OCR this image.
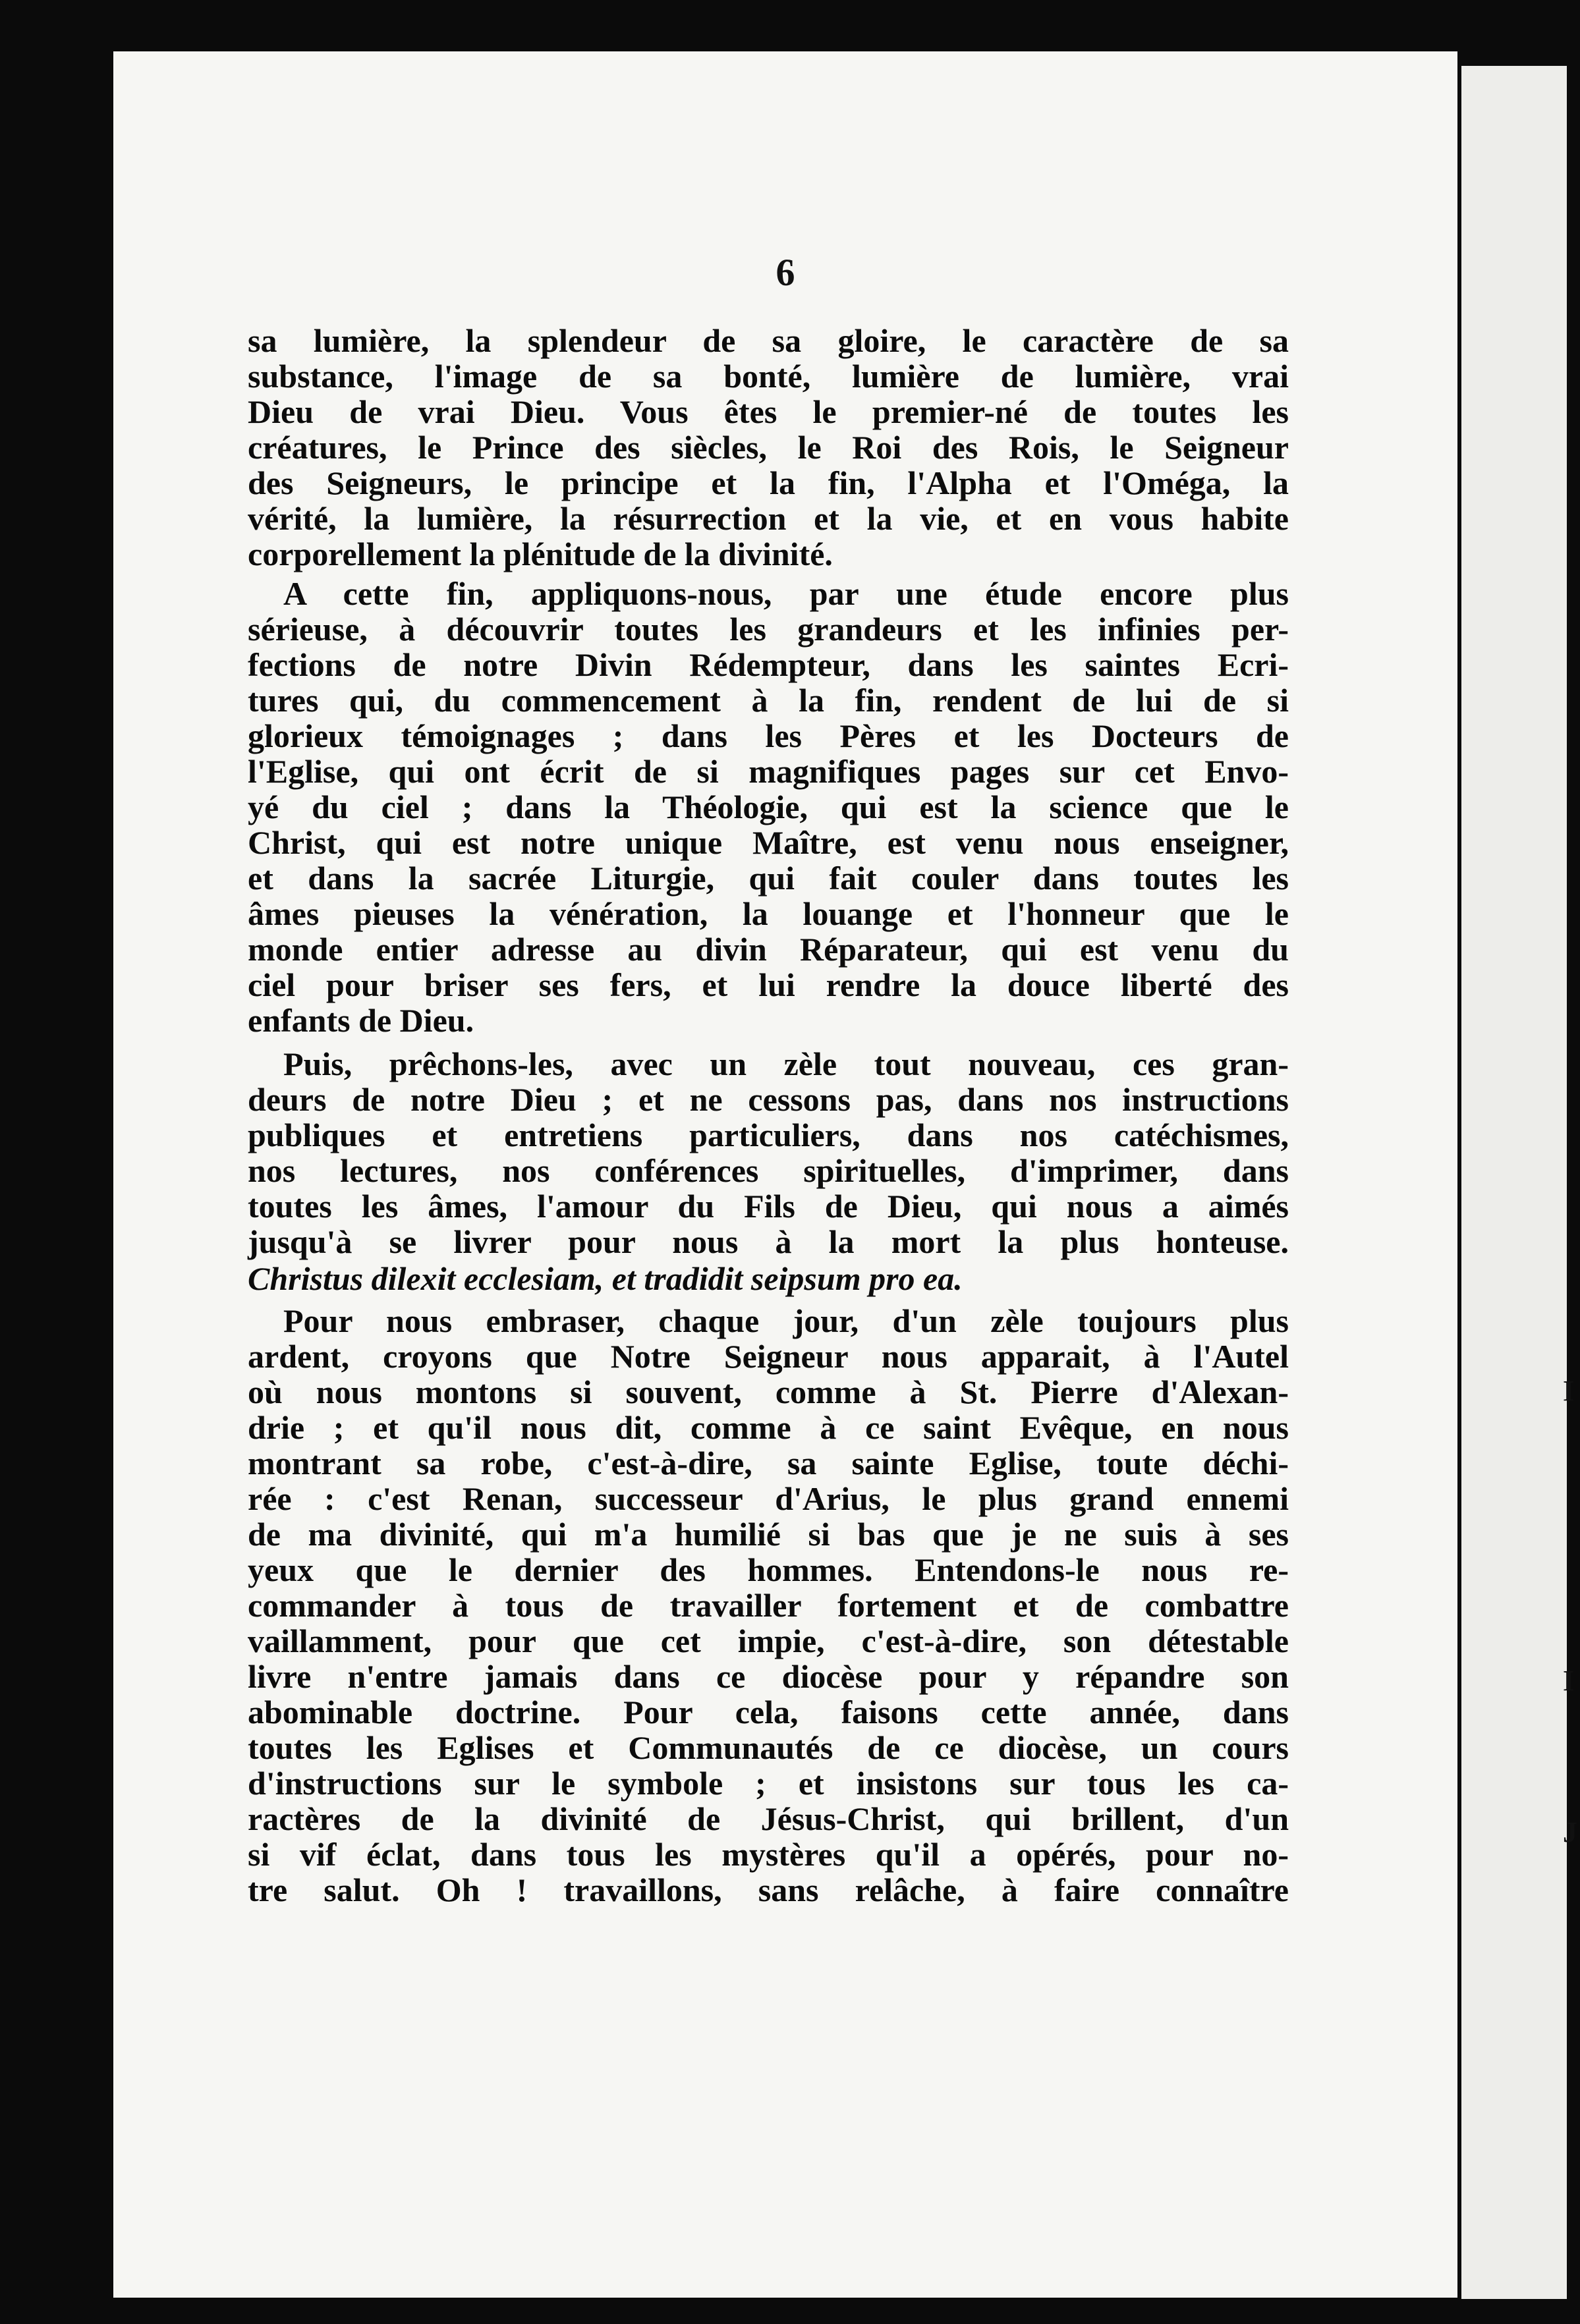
6
I
I
J
sa lumière, la splendeur de sa gloire, le caractère de sa
substance, l'image de sa bonté, lumière de lumière, vrai
Dieu de vrai Dieu. Vous êtes le premier-né de toutes les
créatures, le Prince des siècles, le Roi des Rois, le Seigneur
des Seigneurs, le principe et la fin, l'Alpha et l'Oméga, la
vérité, la lumière, la résurrection et la vie, et en vous habite
corporellement la plénitude de la divinité.
A cette fin, appliquons-nous, par une étude encore plus
sérieuse, à découvrir toutes les grandeurs et les infinies per-
fections de notre Divin Rédempteur, dans les saintes Ecri-
tures qui, du commencement à la fin, rendent de lui de si
glorieux témoignages ; dans les Pères et les Docteurs de
l'Eglise, qui ont écrit de si magnifiques pages sur cet Envo-
yé du ciel ; dans la Théologie, qui est la science que le
Christ, qui est notre unique Maître, est venu nous enseigner,
et dans la sacrée Liturgie, qui fait couler dans toutes les
âmes pieuses la vénération, la louange et l'honneur que le
monde entier adresse au divin Réparateur, qui est venu du
ciel pour briser ses fers, et lui rendre la douce liberté des
enfants de Dieu.
Puis, prêchons-les, avec un zèle tout nouveau, ces gran-
deurs de notre Dieu ; et ne cessons pas, dans nos instructions
publiques et entretiens particuliers, dans nos catéchismes,
nos lectures, nos conférences spirituelles, d'imprimer, dans
toutes les âmes, l'amour du Fils de Dieu, qui nous a aimés
jusqu'à se livrer pour nous à la mort la plus honteuse.
Christus dilexit ecclesiam, et tradidit seipsum pro ea.
Pour nous embraser, chaque jour, d'un zèle toujours plus
ardent, croyons que Notre Seigneur nous apparait, à l'Autel
où nous montons si souvent, comme à St. Pierre d'Alexan-
drie ; et qu'il nous dit, comme à ce saint Evêque, en nous
montrant sa robe, c'est-à-dire, sa sainte Eglise, toute déchi-
rée : c'est Renan, successeur d'Arius, le plus grand ennemi
de ma divinité, qui m'a humilié si bas que je ne suis à ses
yeux que le dernier des hommes. Entendons-le nous re-
commander à tous de travailler fortement et de combattre
vaillamment, pour que cet impie, c'est-à-dire, son détestable
livre n'entre jamais dans ce diocèse pour y répandre son
abominable doctrine. Pour cela, faisons cette année, dans
toutes les Eglises et Communautés de ce diocèse, un cours
d'instructions sur le symbole ; et insistons sur tous les ca-
ractères de la divinité de Jésus-Christ, qui brillent, d'un
si vif éclat, dans tous les mystères qu'il a opérés, pour no-
tre salut. Oh ! travaillons, sans relâche, à faire connaître
